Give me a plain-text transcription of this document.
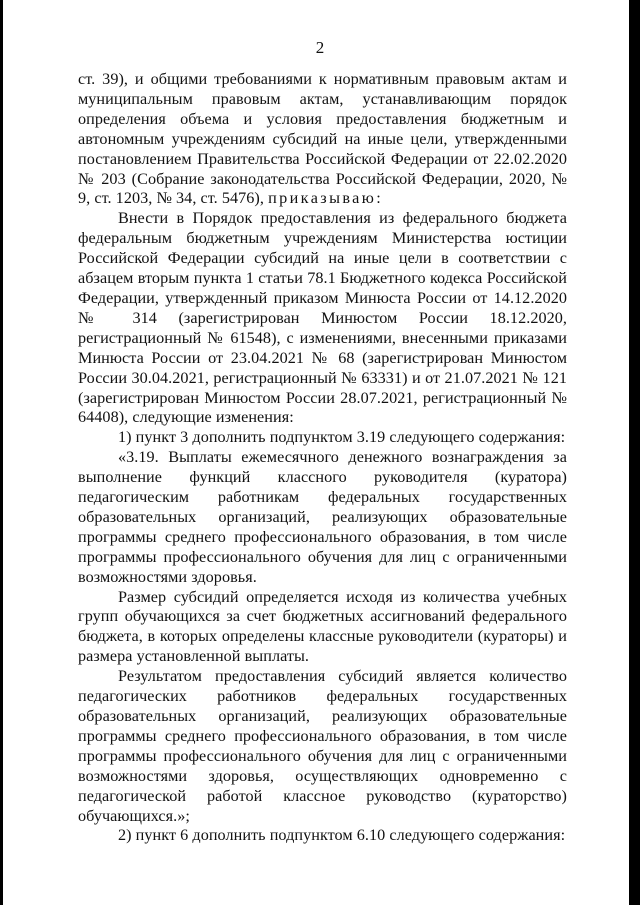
2

ст. 39), и общими требованиями к нормативным правовым актам и муниципальным правовым актам, устанавливающим порядок определения объема и условия предоставления бюджетным и автономным учреждениям субсидий на иные цели, утвержденными постановлением Правительства Российской Федерации от 22.02.2020 № 203 (Собрание законодательства Российской Федерации, 2020, № 9, ст. 1203, № 34, ст. 5476), приказываю:

Внести в Порядок предоставления из федерального бюджета федеральным бюджетным учреждениям Министерства юстиции Российской Федерации субсидий на иные цели в соответствии с абзацем вторым пункта 1 статьи 78.1 Бюджетного кодекса Российской Федерации, утвержденный приказом Минюста России от 14.12.2020 № 314 (зарегистрирован Минюстом России 18.12.2020, регистрационный № 61548), с изменениями, внесенными приказами Минюста России от 23.04.2021 № 68 (зарегистрирован Минюстом России 30.04.2021, регистрационный № 63331) и от 21.07.2021 № 121 (зарегистрирован Минюстом России 28.07.2021, регистрационный № 64408), следующие изменения:

1) пункт 3 дополнить подпунктом 3.19 следующего содержания:

«3.19. Выплаты ежемесячного денежного вознаграждения за выполнение функций классного руководителя (куратора) педагогическим работникам федеральных государственных образовательных организаций, реализующих образовательные программы среднего профессионального образования, в том числе программы профессионального обучения для лиц с ограниченными возможностями здоровья.

Размер субсидий определяется исходя из количества учебных групп обучающихся за счет бюджетных ассигнований федерального бюджета, в которых определены классные руководители (кураторы) и размера установленной выплаты.

Результатом предоставления субсидий является количество педагогических работников федеральных государственных образовательных организаций, реализующих образовательные программы среднего профессионального образования, в том числе программы профессионального обучения для лиц с ограниченными возможностями здоровья, осуществляющих одновременно с педагогической работой классное руководство (кураторство) обучающихся.»;

2) пункт 6 дополнить подпунктом 6.10 следующего содержания:
